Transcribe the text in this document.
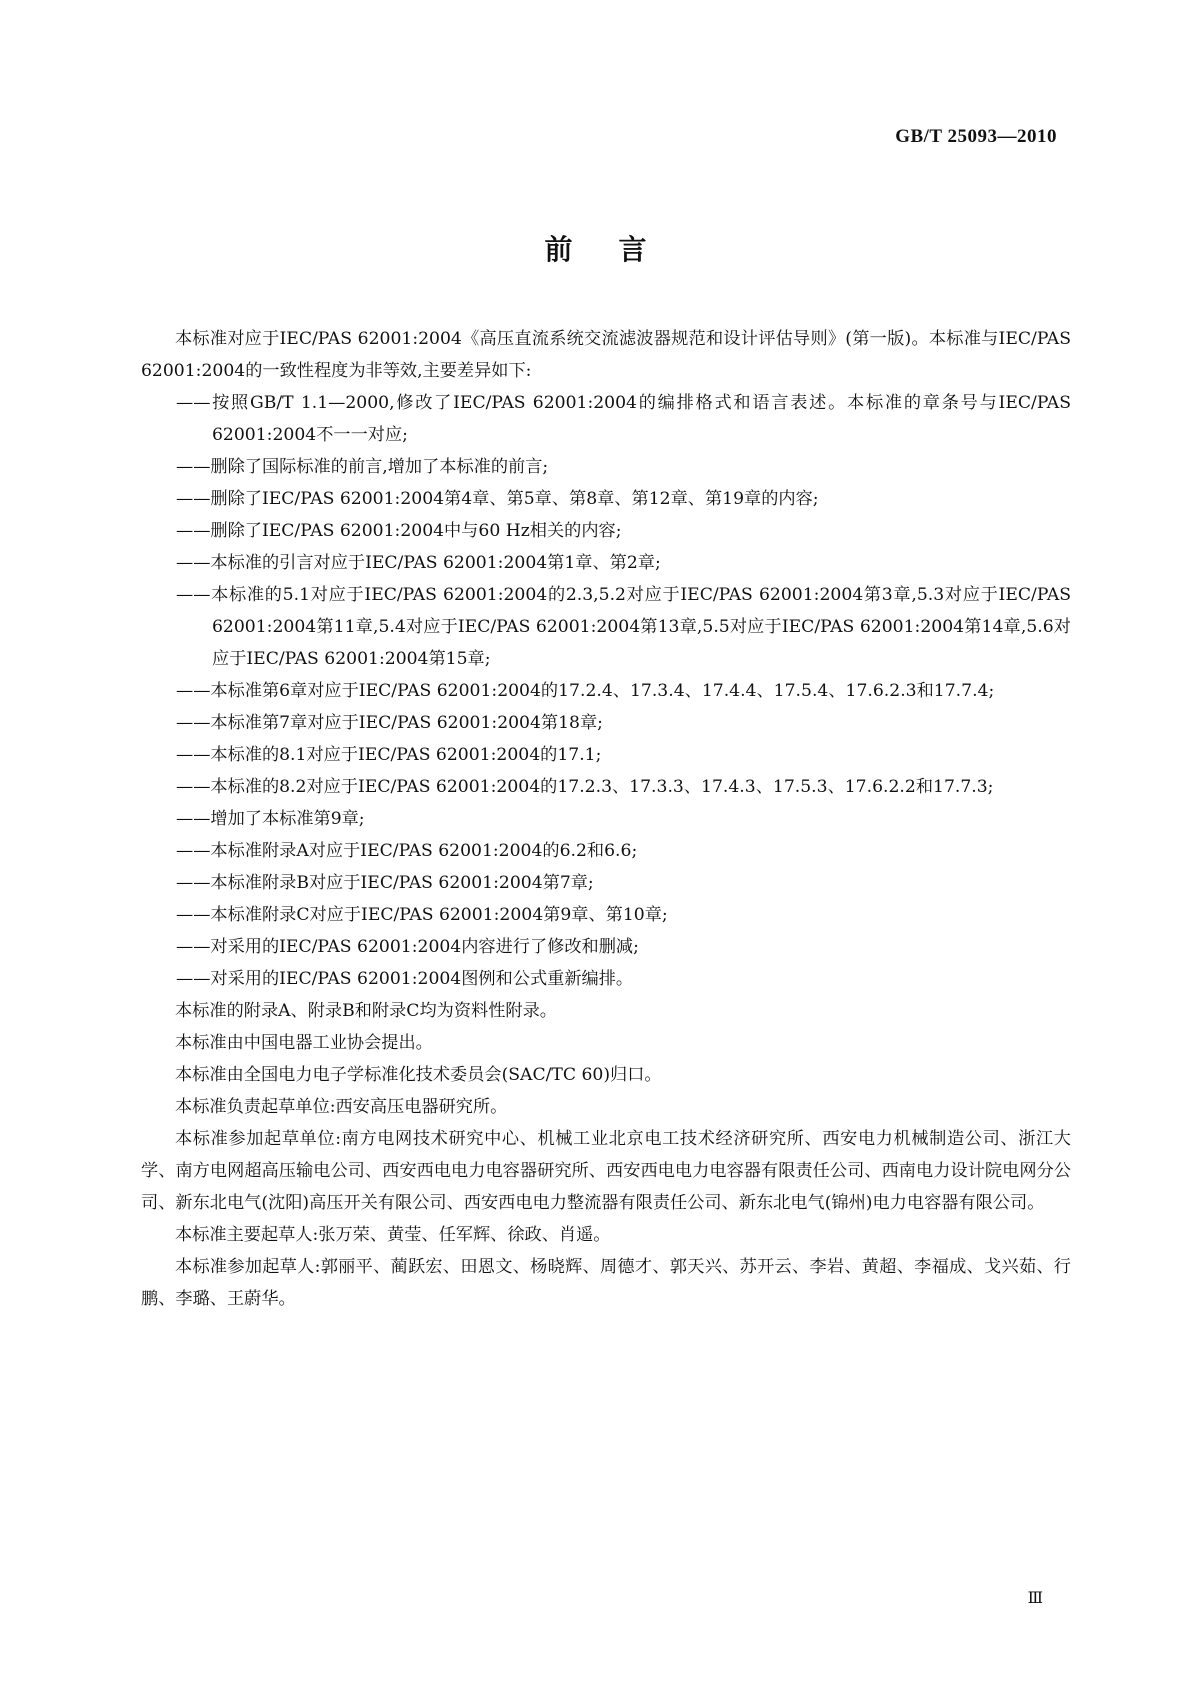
GB/T 25093—2010
前言

本标准对应于IEC/PAS 62001:2004《高压直流系统交流滤波器规范和设计评估导则》(第一版)。本标准与IEC/PAS 62001:2004的一致性程度为非等效,主要差异如下:

——按照GB/T 1.1—2000,修改了IEC/PAS 62001:2004的编排格式和语言表述。本标准的章条号与IEC/PAS 62001:2004不一一对应;

——删除了国际标准的前言,增加了本标准的前言;

——删除了IEC/PAS 62001:2004第4章、第5章、第8章、第12章、第19章的内容;

——删除了IEC/PAS 62001:2004中与60 Hz相关的内容;

——本标准的引言对应于IEC/PAS 62001:2004第1章、第2章;

——本标准的5.1对应于IEC/PAS 62001:2004的2.3,5.2对应于IEC/PAS 62001:2004第3章,5.3对应于IEC/PAS 62001:2004第11章,5.4对应于IEC/PAS 62001:2004第13章,5.5对应于IEC/PAS 62001:2004第14章,5.6对应于IEC/PAS 62001:2004第15章;

——本标准第6章对应于IEC/PAS 62001:2004的17.2.4、17.3.4、17.4.4、17.5.4、17.6.2.3和17.7.4;

——本标准第7章对应于IEC/PAS 62001:2004第18章;

——本标准的8.1对应于IEC/PAS 62001:2004的17.1;

——本标准的8.2对应于IEC/PAS 62001:2004的17.2.3、17.3.3、17.4.3、17.5.3、17.6.2.2和17.7.3;

——增加了本标准第9章;

——本标准附录A对应于IEC/PAS 62001:2004的6.2和6.6;

——本标准附录B对应于IEC/PAS 62001:2004第7章;

——本标准附录C对应于IEC/PAS 62001:2004第9章、第10章;

——对采用的IEC/PAS 62001:2004内容进行了修改和删减;

——对采用的IEC/PAS 62001:2004图例和公式重新编排。

本标准的附录A、附录B和附录C均为资料性附录。

本标准由中国电器工业协会提出。

本标准由全国电力电子学标准化技术委员会(SAC/TC 60)归口。

本标准负责起草单位:西安高压电器研究所。

本标准参加起草单位:南方电网技术研究中心、机械工业北京电工技术经济研究所、西安电力机械制造公司、浙江大学、南方电网超高压输电公司、西安西电电力电容器研究所、西安西电电力电容器有限责任公司、西南电力设计院电网分公司、新东北电气(沈阳)高压开关有限公司、西安西电电力整流器有限责任公司、新东北电气(锦州)电力电容器有限公司。

本标准主要起草人:张万荣、黄莹、任军辉、徐政、肖遥。

本标准参加起草人:郭丽平、蔺跃宏、田恩文、杨晓辉、周德才、郭天兴、苏开云、李岩、黄超、李福成、戈兴茹、行鹏、李璐、王蔚华。

Ⅲ
